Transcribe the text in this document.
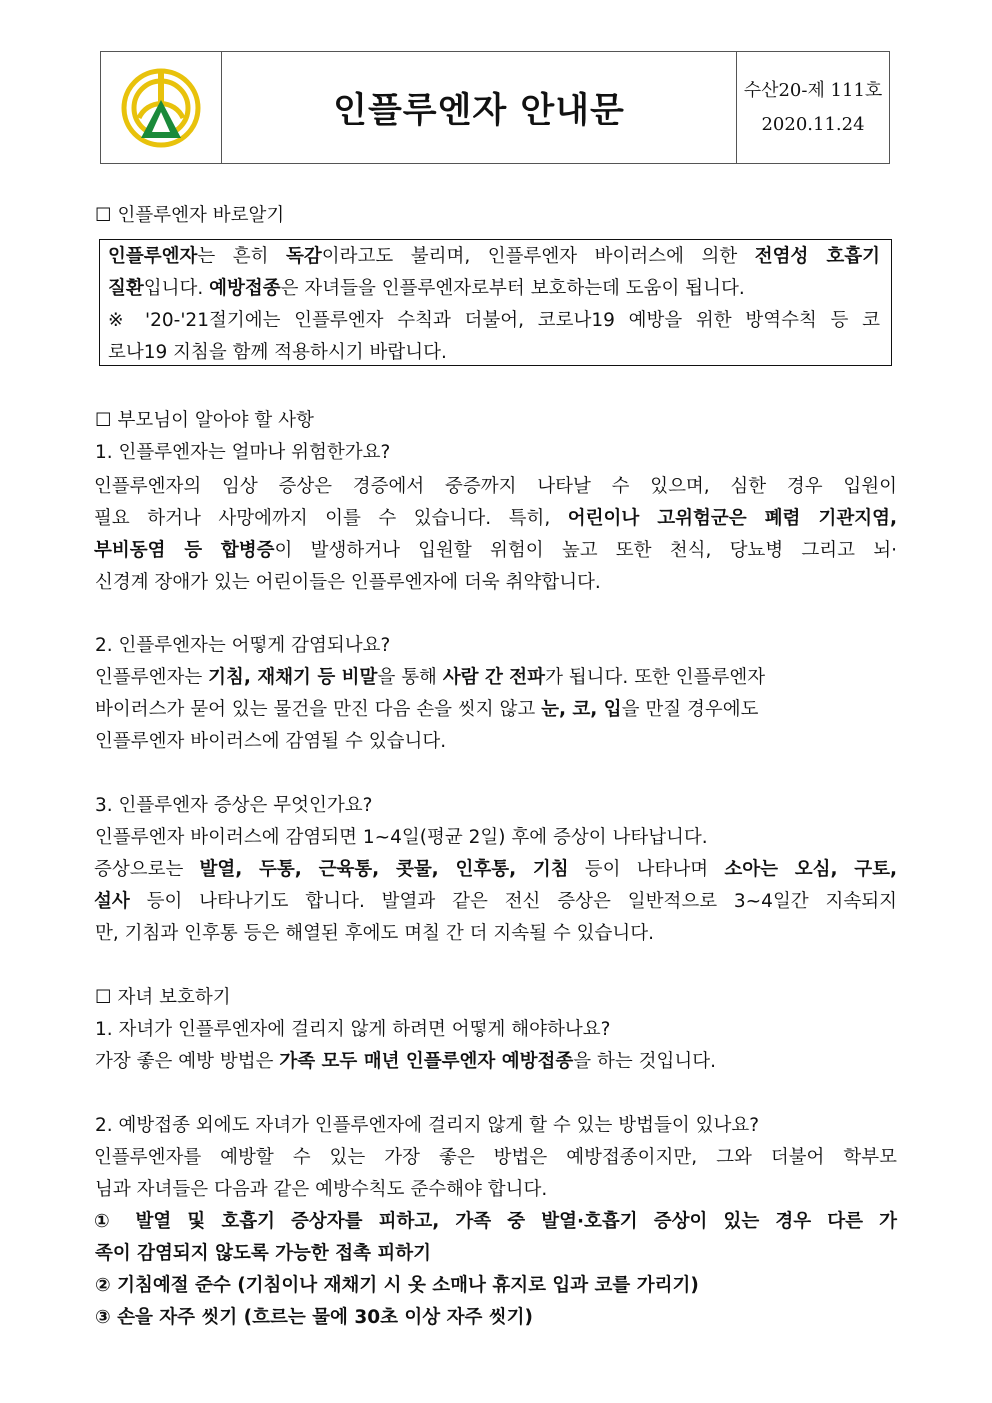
인플루엔자 안내문
수산20-제 111호
2020.11.24
☐ 인플루엔자 바로알기
인플루엔자는 흔히 독감이라고도 불리며, 인플루엔자 바이러스에 의한 전염성 호흡기
질환입니다. 예방접종은 자녀들을 인플루엔자로부터 보호하는데 도움이 됩니다.
※ '20-'21절기에는 인플루엔자 수칙과 더불어, 코로나19 예방을 위한 방역수칙 등 코
로나19 지침을 함께 적용하시기 바랍니다.
☐ 부모님이 알아야 할 사항
1. 인플루엔자는 얼마나 위험한가요?
인플루엔자의 임상 증상은 경증에서 중증까지 나타날 수 있으며, 심한 경우 입원이
필요 하거나 사망에까지 이를 수 있습니다. 특히, 어린이나 고위험군은 폐렴 기관지염,
부비동염 등 합병증이 발생하거나 입원할 위험이 높고 또한 천식, 당뇨병 그리고 뇌·
신경계 장애가 있는 어린이들은 인플루엔자에 더욱 취약합니다.
2. 인플루엔자는 어떻게 감염되나요?
인플루엔자는 기침, 재채기 등 비말을 통해 사람 간 전파가 됩니다. 또한 인플루엔자
바이러스가 묻어 있는 물건을 만진 다음 손을 씻지 않고 눈, 코, 입을 만질 경우에도
인플루엔자 바이러스에 감염될 수 있습니다.
3. 인플루엔자 증상은 무엇인가요?
인플루엔자 바이러스에 감염되면 1~4일(평균 2일) 후에 증상이 나타납니다.
증상으로는 발열, 두통, 근육통, 콧물, 인후통, 기침 등이 나타나며 소아는 오심, 구토,
설사 등이 나타나기도 합니다. 발열과 같은 전신 증상은 일반적으로 3~4일간 지속되지
만, 기침과 인후통 등은 해열된 후에도 며칠 간 더 지속될 수 있습니다.
☐ 자녀 보호하기
1. 자녀가 인플루엔자에 걸리지 않게 하려면 어떻게 해야하나요?
가장 좋은 예방 방법은 가족 모두 매년 인플루엔자 예방접종을 하는 것입니다.
2. 예방접종 외에도 자녀가 인플루엔자에 걸리지 않게 할 수 있는 방법들이 있나요?
인플루엔자를 예방할 수 있는 가장 좋은 방법은 예방접종이지만, 그와 더불어 학부모
님과 자녀들은 다음과 같은 예방수칙도 준수해야 합니다.
① 발열 및 호흡기 증상자를 피하고, 가족 중 발열·호흡기 증상이 있는 경우 다른 가
족이 감염되지 않도록 가능한 접촉 피하기
② 기침예절 준수 (기침이나 재채기 시 옷 소매나 휴지로 입과 코를 가리기)
③ 손을 자주 씻기 (흐르는 물에 30초 이상 자주 씻기)
